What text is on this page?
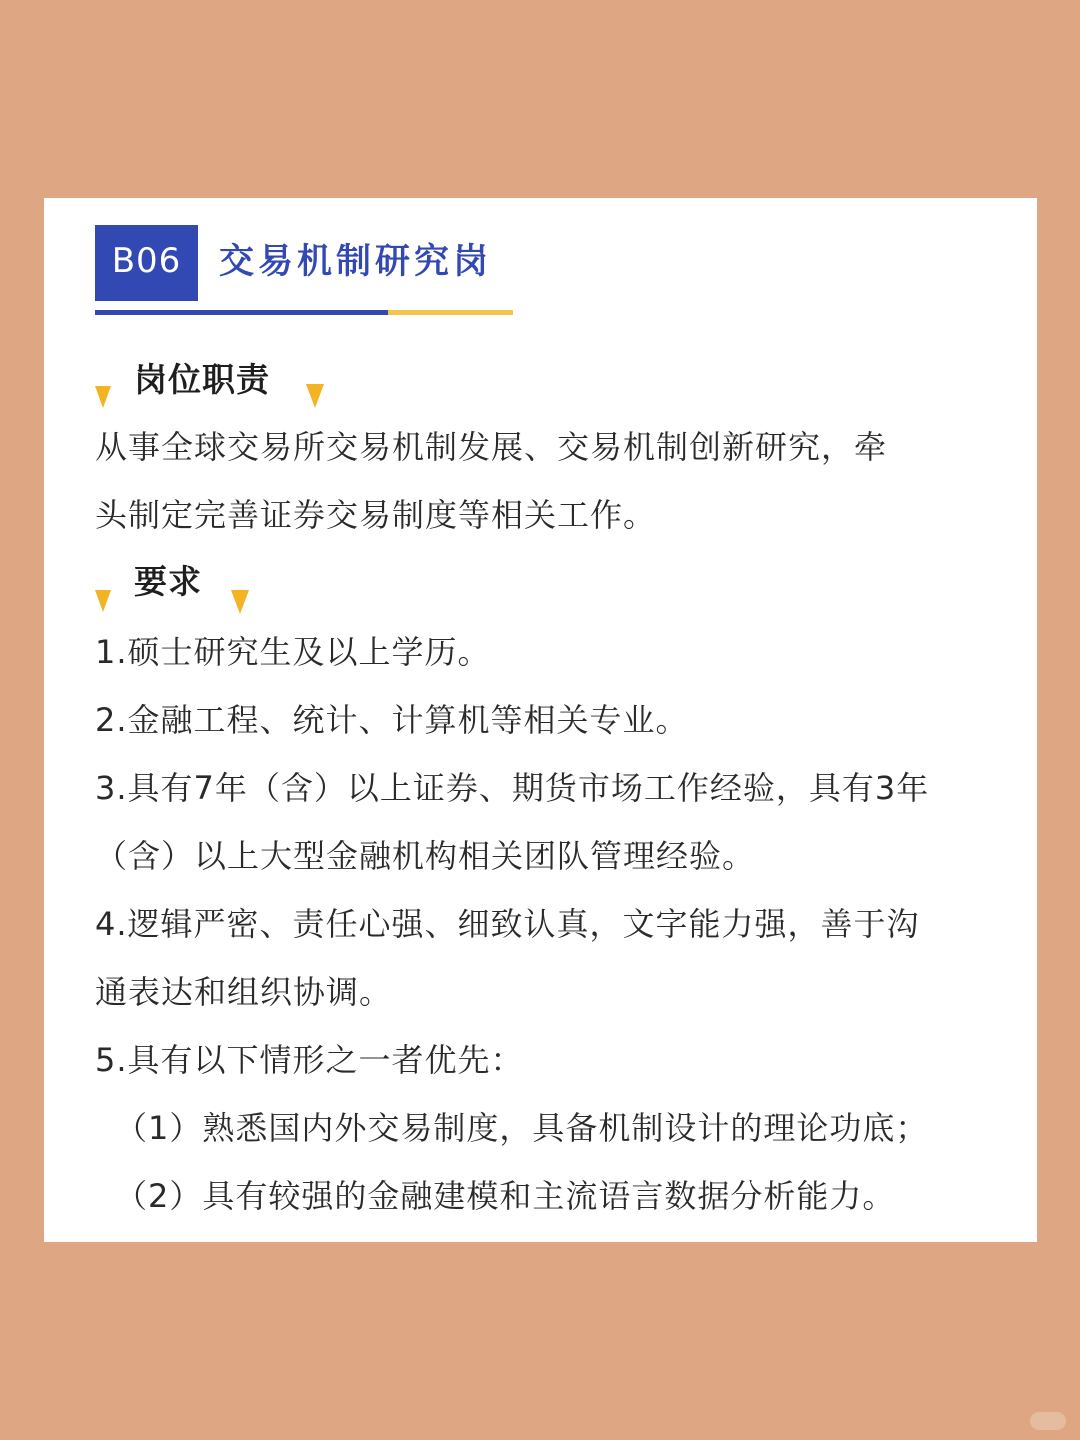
B06	交易机制研究岗
岗位职责
从事全球交易所交易机制发展、交易机制创新研究，牵
头制定完善证券交易制度等相关工作。
要求
1.硕士研究生及以上学历。
2.金融工程、统计、计算机等相关专业。
3.具有7年（含）以上证券、期货市场工作经验，具有3年
（含）以上大型金融机构相关团队管理经验。
4.逻辑严密、责任心强、细致认真，文字能力强，善于沟
通表达和组织协调。
5.具有以下情形之一者优先：
（1）熟悉国内外交易制度，具备机制设计的理论功底；
（2）具有较强的金融建模和主流语言数据分析能力。
